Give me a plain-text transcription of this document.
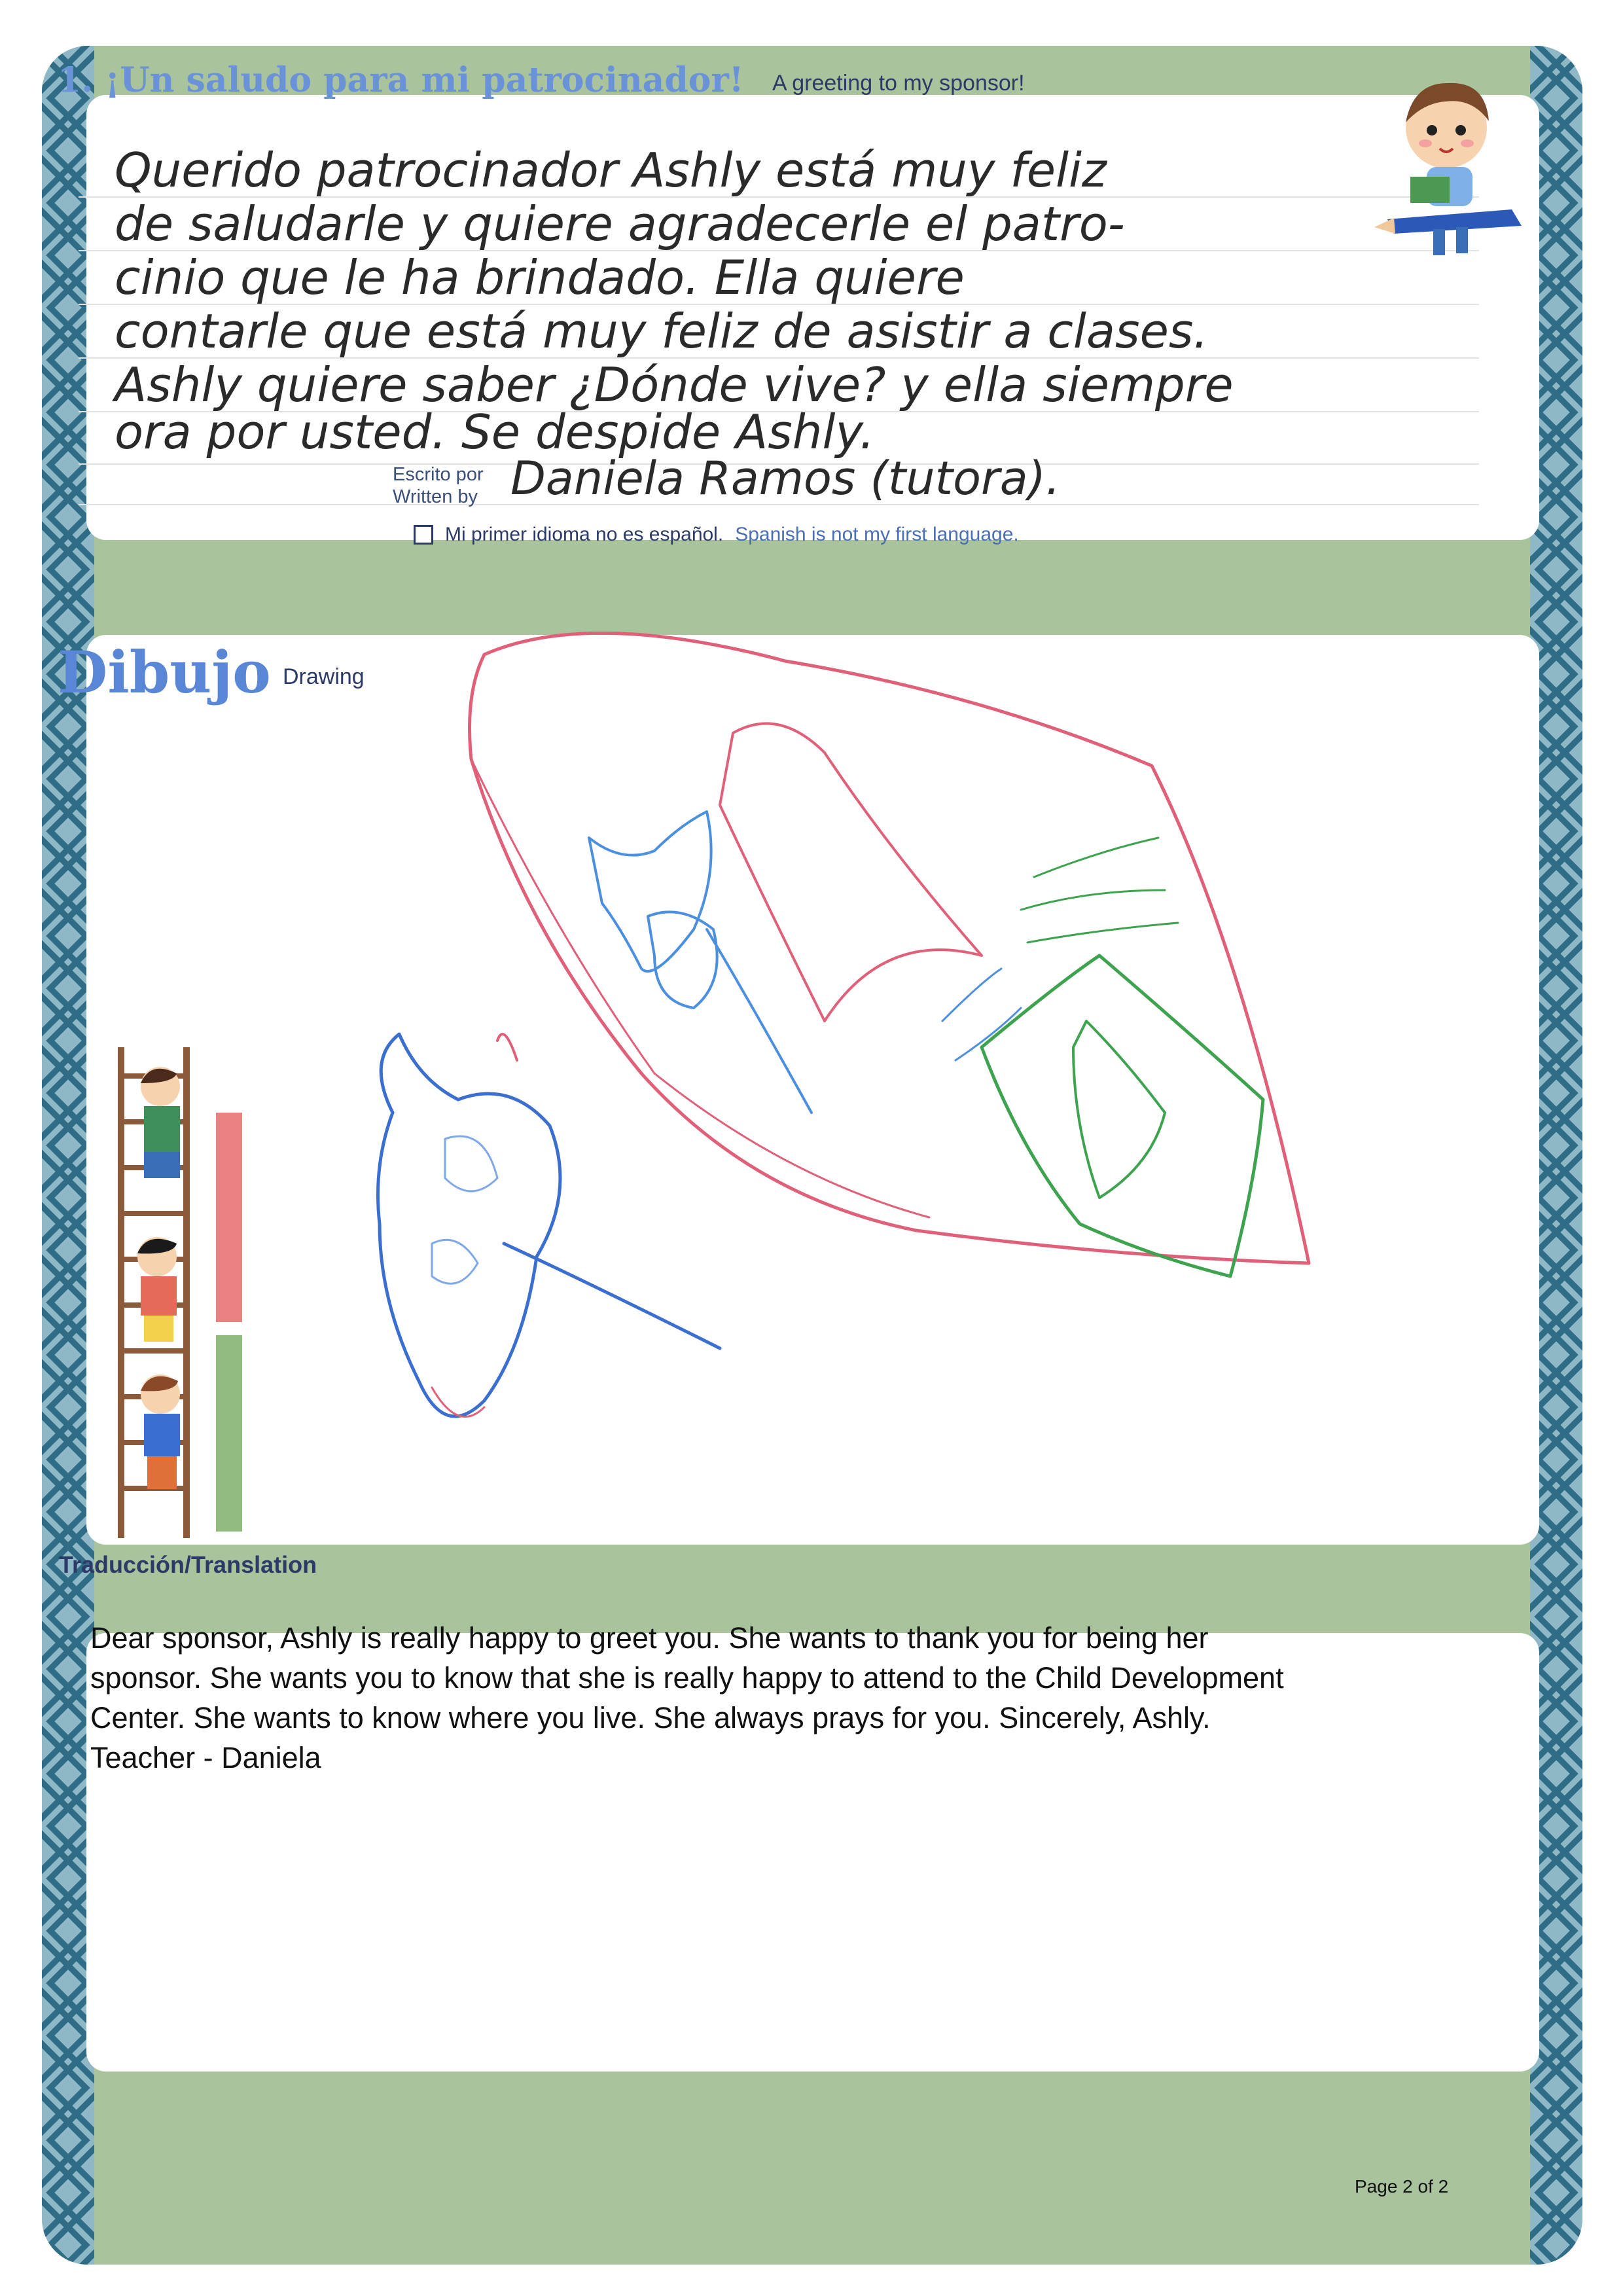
1. ¡Un saludo para mi patrocinador! A greeting to my sponsor!
Querido patrocinador Ashly está muy feliz
de saludarle y quiere agradecerle el patro-
cinio que le ha brindado. Ella quiere
contarle que está muy feliz de asistir a clases.
Ashly quiere saber ¿Dónde vive? y ella siempre
ora por usted. Se despide Ashly.
Escrito por
Written by Daniela Ramos (tutora).
Mi primer idioma no es español. Spanish is not my first language.
Dibujo Drawing
Traducción/Translation
Dear sponsor, Ashly is really happy to greet you. She wants to thank you for being her
sponsor. She wants you to know that she is really happy to attend to the Child Development
Center. She wants to know where you live. She always prays for you. Sincerely, Ashly.
Teacher - Daniela
Page 2 of 2
